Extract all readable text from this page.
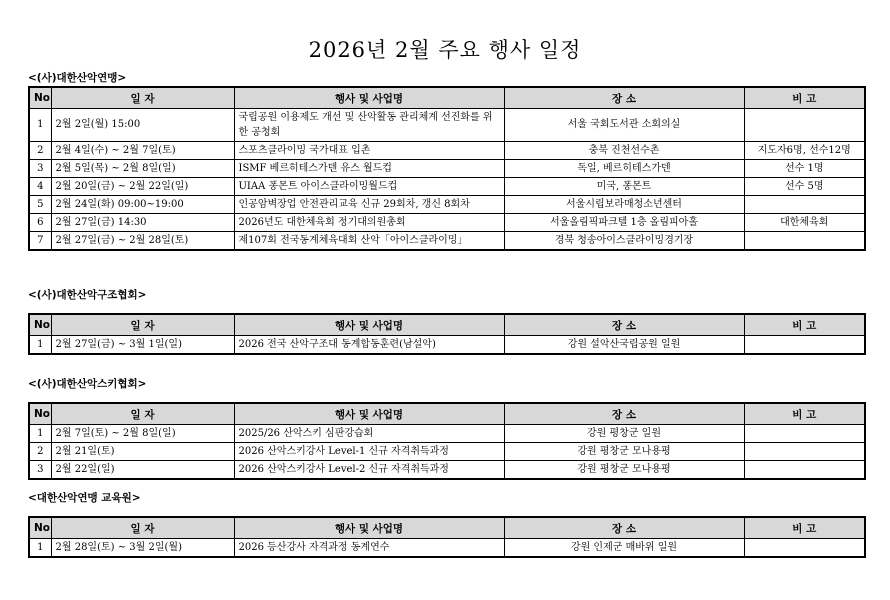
2026년 2월 주요 행사 일정
<(사)대한산악연맹>
No	일 자	행사 및 사업명	장 소	비 고
1	2월 2일(월) 15:00	국립공원 이용제도 개선 및 산악활동 관리체계 선진화를 위한 공청회	서울 국회도서관 소회의실	
2	2월 4일(수) ~ 2월 7일(토)	스포츠클라이밍 국가대표 입촌	충북 진천선수촌	지도자6명, 선수12명
3	2월 5일(목) ~ 2월 8일(일)	ISMF 베르히테스가덴 유스 월드컵	독일, 베르히테스가덴	선수 1명
4	2월 20일(금) ~ 2월 22일(일)	UIAA 퐁몬트 아이스클라이밍월드컵	미국, 퐁몬트	선수 5명
5	2월 24일(화) 09:00~19:00	인공암벽장업 안전관리교육 신규 29회차, 갱신 8회차	서울시립보라매청소년센터	
6	2월 27일(금) 14:30	2026년도 대한체육회 정기대의원총회	서울올림픽파크텔 1층 올림피아홀	대한체육회
7	2월 27일(금) ~ 2월 28일(토)	제107회 전국동계체육대회 산악「아이스클라이밍」	경북 청송아이스클라이밍경기장	
<(사)대한산악구조협회>
No	일 자	행사 및 사업명	장 소	비 고
1	2월 27일(금) ~ 3월 1일(일)	2026 전국 산악구조대 동계합동훈련(남설악)	강원 설악산국립공원 일원	
<(사)대한산악스키협회>
No	일 자	행사 및 사업명	장 소	비 고
1	2월 7일(토) ~ 2월 8일(일)	2025/26 산악스키 심판강습회	강원 평창군 일원	
2	2월 21일(토)	2026 산악스키강사 Level-1 신규 자격취득과정	강원 평창군 모나용평	
3	2월 22일(일)	2026 산악스키강사 Level-2 신규 자격취득과정	강원 평창군 모나용평	
<대한산악연맹 교육원>
No	일 자	행사 및 사업명	장 소	비 고
1	2월 28일(토) ~ 3월 2일(월)	2026 등산강사 자격과정 동계연수	강원 인제군 매바위 일원	
